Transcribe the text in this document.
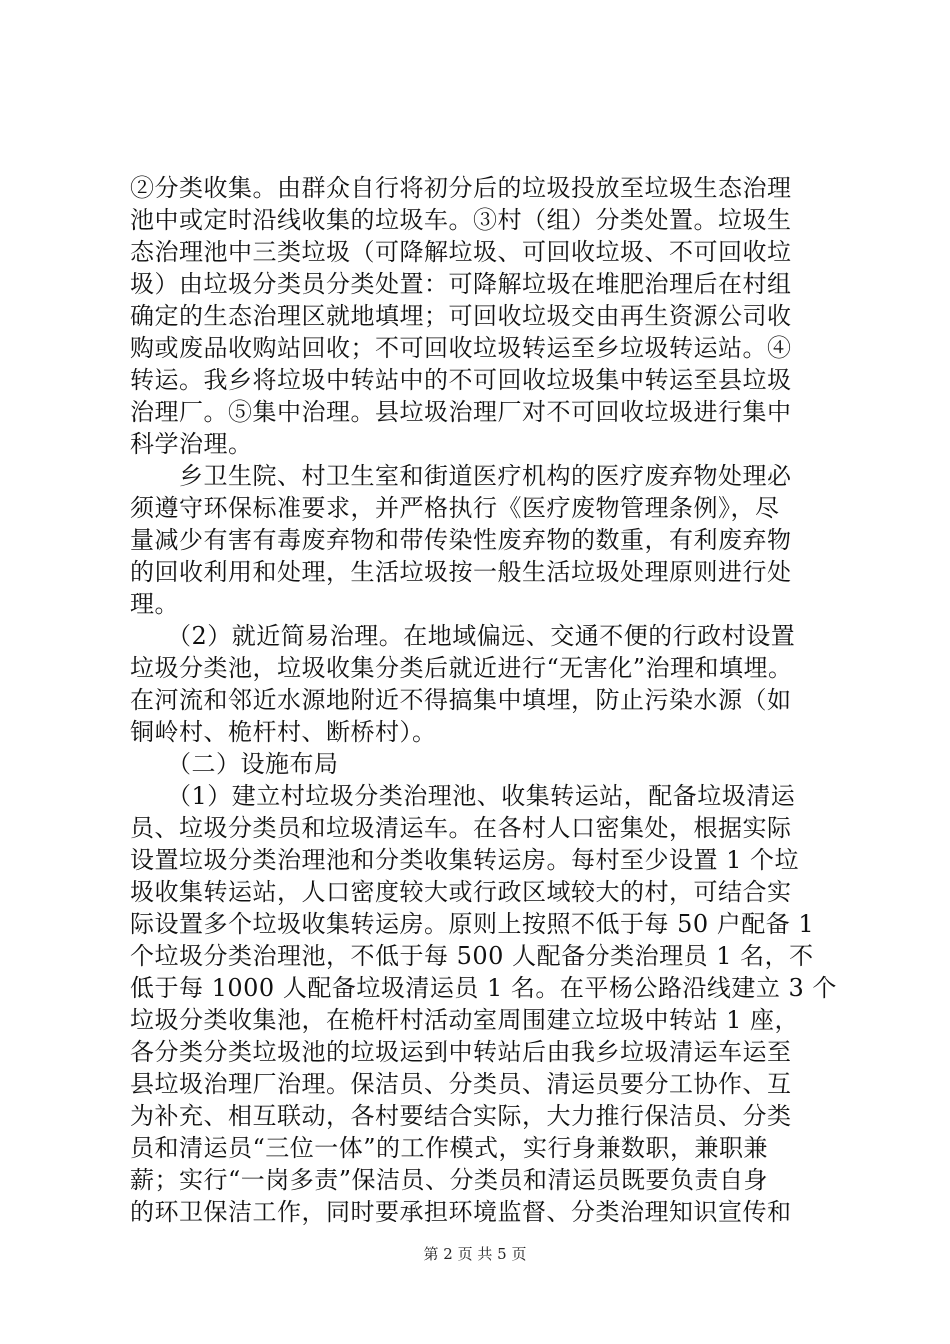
②分类收集。由群众自行将初分后的垃圾投放至垃圾生态治理
池中或定时沿线收集的垃圾车。③村（组）分类处置。垃圾生
态治理池中三类垃圾（可降解垃圾、可回收垃圾、不可回收垃
圾）由垃圾分类员分类处置：可降解垃圾在堆肥治理后在村组
确定的生态治理区就地填埋；可回收垃圾交由再生资源公司收
购或废品收购站回收；不可回收垃圾转运至乡垃圾转运站。④
转运。我乡将垃圾中转站中的不可回收垃圾集中转运至县垃圾
治理厂。⑤集中治理。县垃圾治理厂对不可回收垃圾进行集中
科学治理。
　　乡卫生院、村卫生室和街道医疗机构的医疗废弃物处理必
须遵守环保标准要求，并严格执行《医疗废物管理条例》，尽
量减少有害有毒废弃物和带传染性废弃物的数重，有利废弃物
的回收利用和处理，生活垃圾按一般生活垃圾处理原则进行处
理。
　　（2）就近简易治理。在地域偏远、交通不便的行政村设置
垃圾分类池，垃圾收集分类后就近进行“无害化”治理和填埋。
在河流和邻近水源地附近不得搞集中填埋，防止污染水源（如
铜岭村、桅杆村、断桥村）。
　　（二）设施布局
　　（1）建立村垃圾分类治理池、收集转运站，配备垃圾清运
员、垃圾分类员和垃圾清运车。在各村人口密集处，根据实际
设置垃圾分类治理池和分类收集转运房。每村至少设置 1 个垃
圾收集转运站，人口密度较大或行政区域较大的村，可结合实
际设置多个垃圾收集转运房。原则上按照不低于每 50 户配备 1
个垃圾分类治理池，不低于每 500 人配备分类治理员 1 名，不
低于每 1000 人配备垃圾清运员 1 名。在平杨公路沿线建立 3 个
垃圾分类收集池，在桅杆村活动室周围建立垃圾中转站 1 座，
各分类分类垃圾池的垃圾运到中转站后由我乡垃圾清运车运至
县垃圾治理厂治理。保洁员、分类员、清运员要分工协作、互
为补充、相互联动，各村要结合实际，大力推行保洁员、分类
员和清运员“三位一体”的工作模式，实行身兼数职，兼职兼
薪；实行“一岗多责”保洁员、分类员和清运员既要负责自身
的环卫保洁工作，同时要承担环境监督、分类治理知识宣传和
第 2 页 共 5 页
